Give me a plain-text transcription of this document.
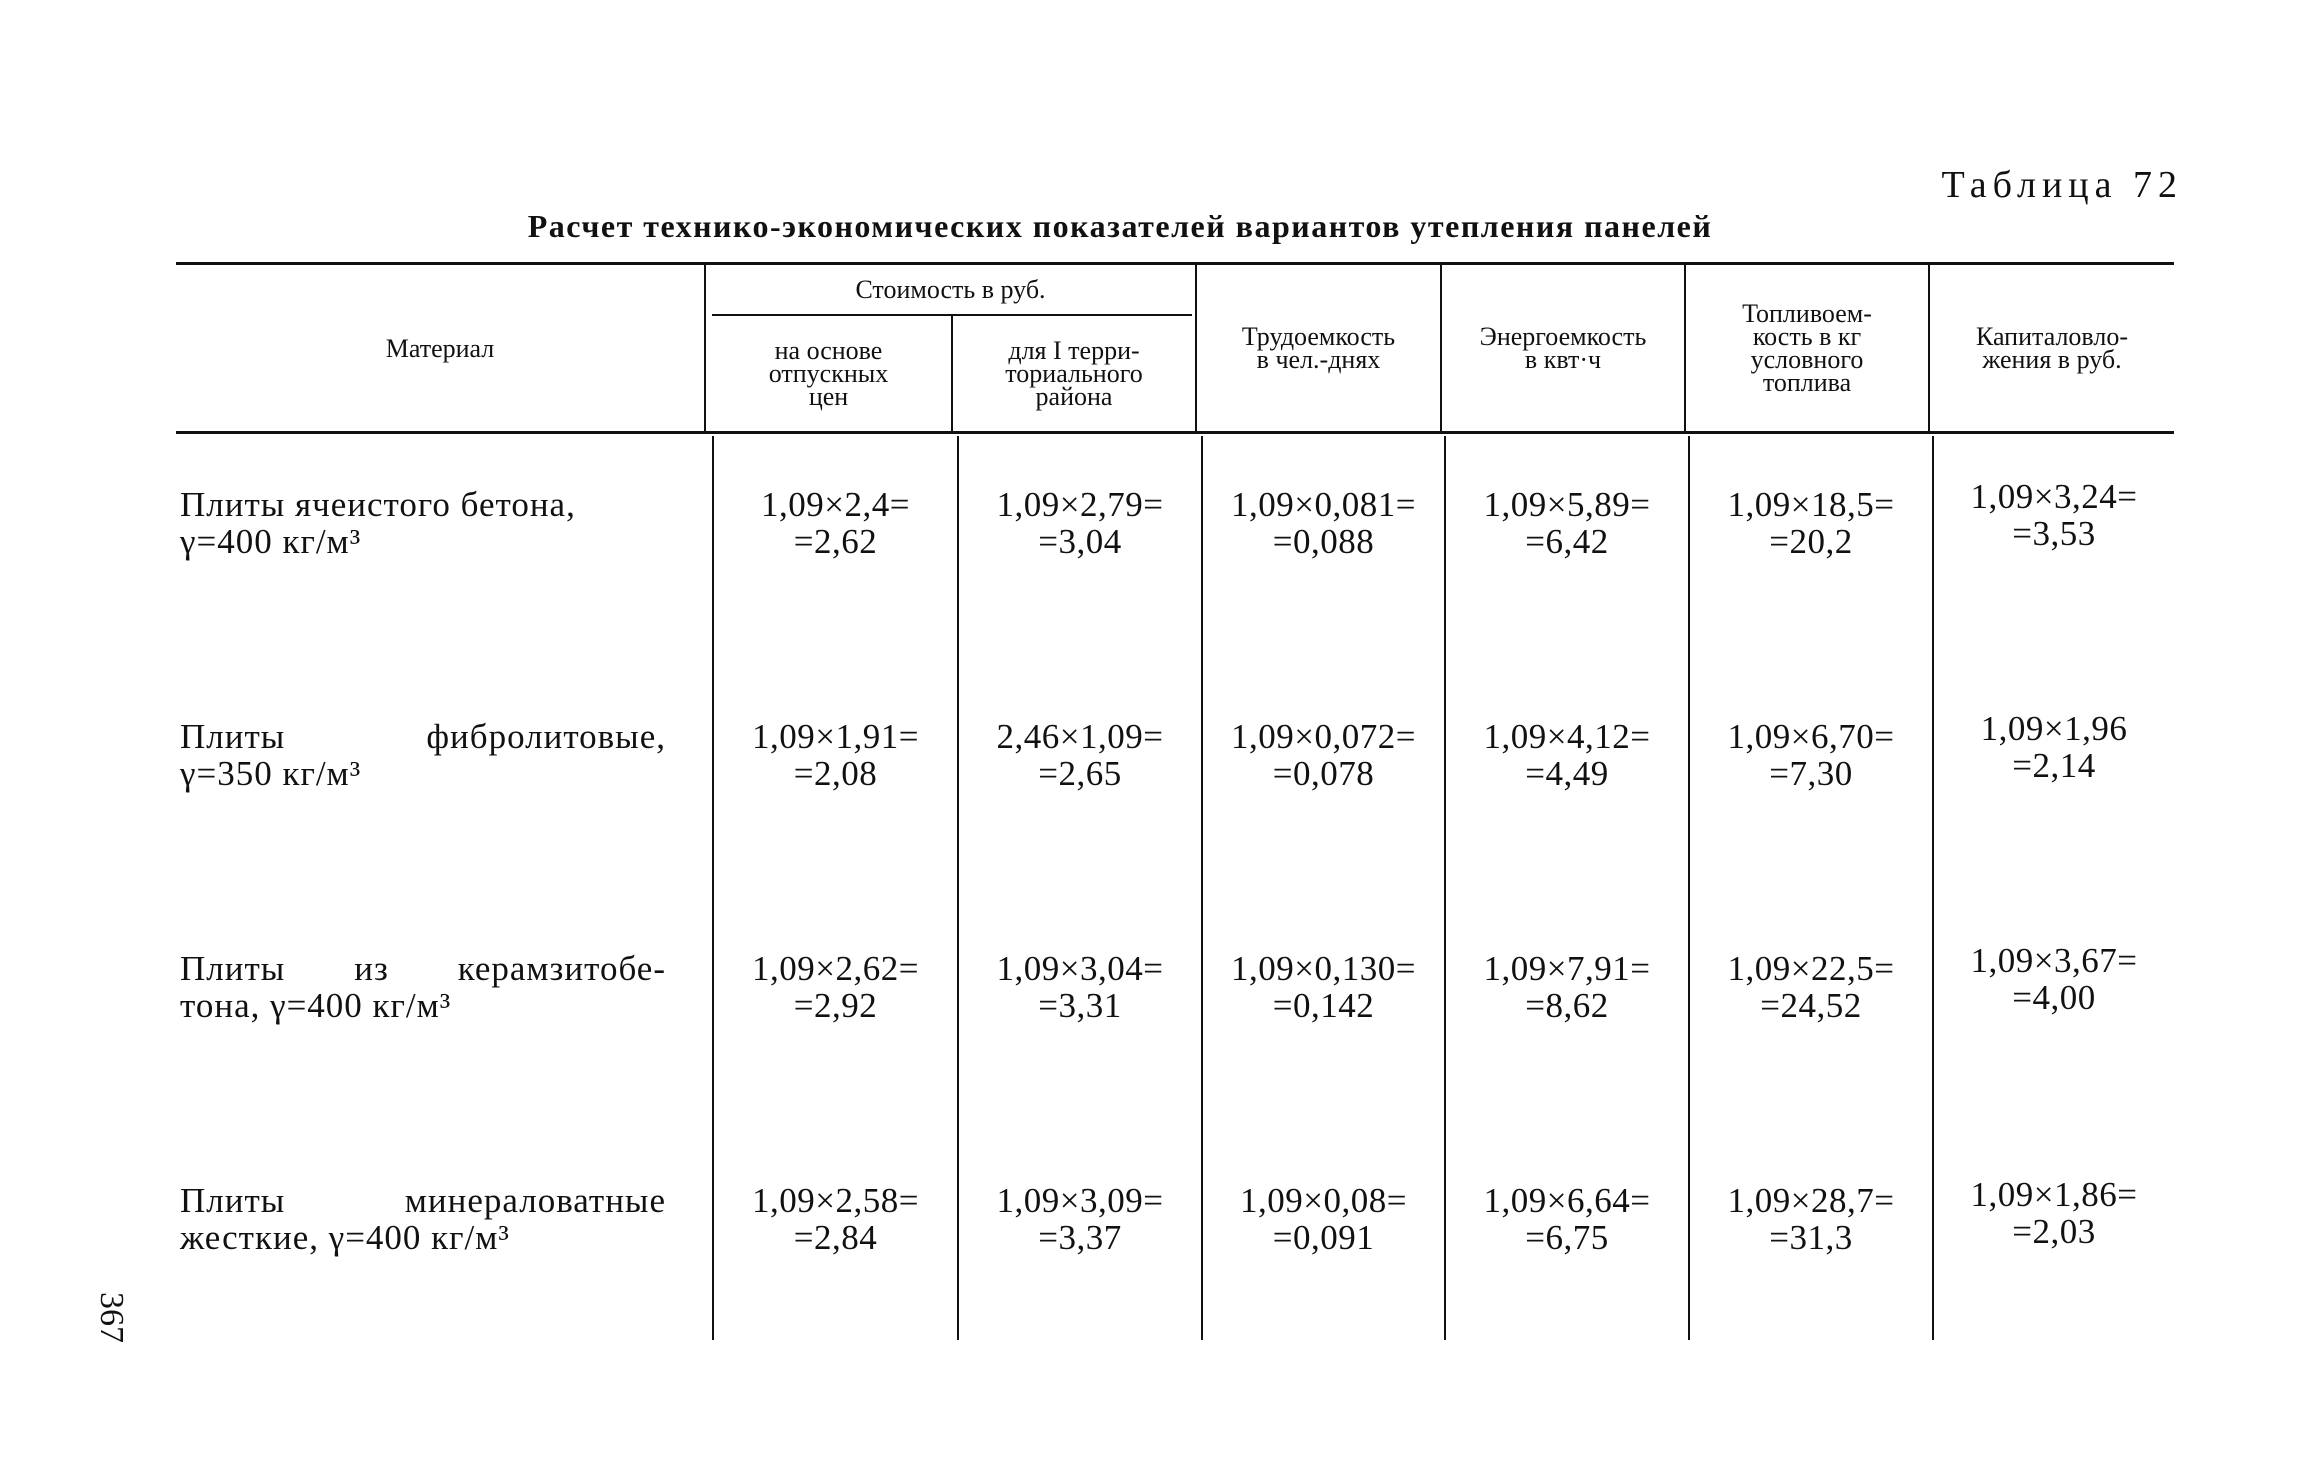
Таблица 72
Расчет технико-экономических показателей вариантов утепления панелей
Материал
Стоимость в руб.
на основе
отпускных
цен
для I терри-
ториального
района
Трудоемкость
в чел.-днях
Энергоемкость
в квт·ч
Топливоем-
кость в кг
условного
топлива
Капиталовло-
жения в руб.
Плиты ячеистого бетона,
γ=400 кг/м³
1,09×2,4=
=2,62
1,09×2,79=
=3,04
1,09×0,081=
=0,088
1,09×5,89=
=6,42
1,09×18,5=
=20,2
1,09×3,24=
=3,53
Плиты	фибролитовые,
γ=350 кг/м³
1,09×1,91=
=2,08
2,46×1,09=
=2,65
1,09×0,072=
=0,078
1,09×4,12=
=4,49
1,09×6,70=
=7,30
1,09×1,96
=2,14
Плиты из керамзитобе-
тона, γ=400 кг/м³
1,09×2,62=
=2,92
1,09×3,04=
=3,31
1,09×0,130=
=0,142
1,09×7,91=
=8,62
1,09×22,5=
=24,52
1,09×3,67=
=4,00
Плиты	минераловатные
жесткие, γ=400 кг/м³
1,09×2,58=
=2,84
1,09×3,09=
=3,37
1,09×0,08=
=0,091
1,09×6,64=
=6,75
1,09×28,7=
=31,3
1,09×1,86=
=2,03
367
